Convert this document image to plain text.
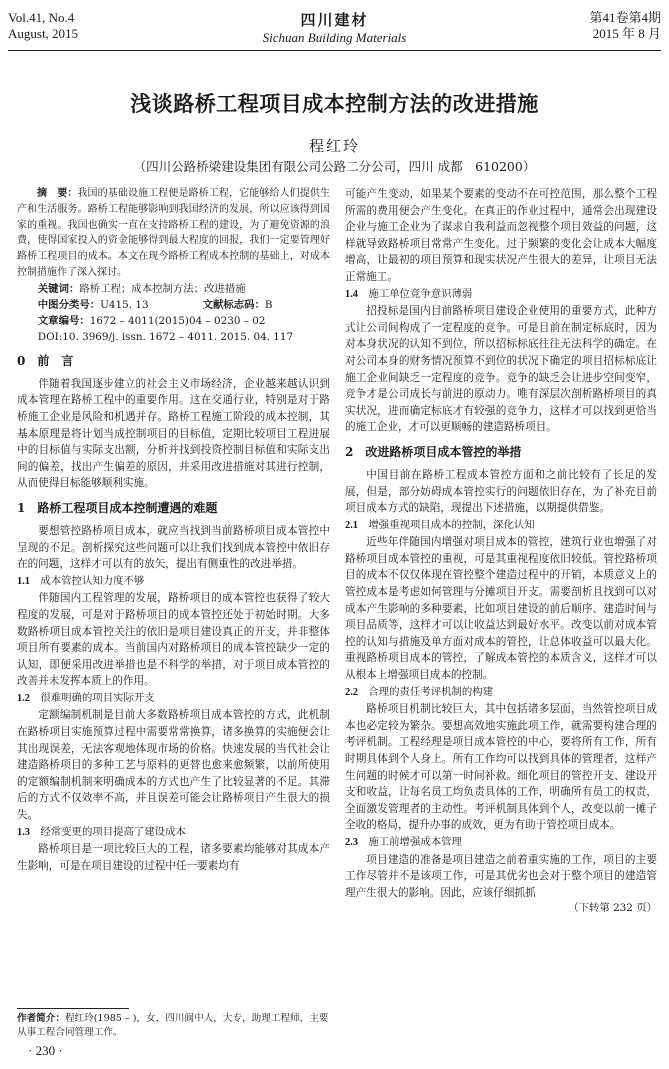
Vol.41, No.4
August, 2015
四川建材
Sichuan Building Materials
第41卷第4期
2015 年 8 月
浅谈路桥工程项目成本控制方法的改进措施
程红玲
（四川公路桥梁建设集团有限公司公路二分公司，四川 成都　610200）

摘　要：我国的基础设施工程便是路桥工程，它能够给人们提供生产和生活服务。路桥工程能够影响到我国经济的发展，所以应该得到国家的重视。我国也确实一直在支持路桥工程的建设，为了避免资源的浪费，使得国家投入的资金能够得到最大程度的回报，我们一定要管理好路桥工程项目的成本。本文在现今路桥工程成本控制的基础上，对成本控制措施作了深入探讨。

关键词：路桥工程；成本控制方法；改进措施

中图分类号：U415. 13	文献标志码：B

文章编号：1672 – 4011(2015)04 – 0230 – 02

DOI:10. 3969/j. issn. 1672 – 4011. 2015. 04. 117

0　前　言

伴随着我国逐步建立的社会主义市场经济，企业越来越认识到成本管理在路桥工程中的重要作用。这在交通行业，特别是对于路桥施工企业是风险和机遇并存。路桥工程施工阶段的成本控制，其基本原理是将计划当成控制项目的目标值，定期比较项目工程进展中的目标值与实际支出额，分析并找到投资控制目标值和实际支出间的偏差，找出产生偏差的原因，并采用改进措施对其进行控制，从而使得目标能够顺利实施。

1　路桥工程项目成本控制遭遇的难题

要想管控路桥项目成本，就应当找到当前路桥项目成本管控中呈现的不足。剖析探究这些问题可以让我们找到成本管控中依旧存在的问题，这样才可以有的放矢，提出有侧重性的改进举措。

1.1　 成本管控认知力度不够

伴随国内工程管理的发展，路桥项目的成本管控也获得了较大程度的发展，可是对于路桥项目的成本管控还处于初始时期。大多数路桥项目成本管控关注的依旧是项目建设真正的开支，并非整体项目所有要素的成本。当前国内对路桥项目的成本管控缺少一定的认知，即便采用改进举措也是不科学的举措，对于项目成本管控的改善并未发挥本质上的作用。

1.2　 很难明确的项目实际开支

定额编制机制是目前大多数路桥项目成本管控的方式，此机制在路桥项目实施预算过程中需要常常换算，诸多换算的实施便会让其出现误差，无法客观地体现市场的价格。快速发展的当代社会让建造路桥项目的多种工艺与原料的更替也愈来愈频繁，以前所使用的定额编制机制来明确成本的方式也产生了比较显著的不足。其滞后的方式不仅效率不高，并且误差可能会让路桥项目产生很大的损失。

1.3　 经常变更的项目提高了建设成本

路桥项目是一项比较巨大的工程，诸多要素均能够对其成本产生影响，可是在项目建设的过程中任一要素均有

可能产生变动，如果某个要素的变动不在可控范围，那么整个工程所需的费用便会产生变化。在真正的作业过程中，通常会出现建设企业与施工企业为了谋求自我利益而忽视整个项目效益的问题，这样就导致路桥项目常常产生变化。过于频繁的变化会让成本大幅度增高，让最初的项目预算和现实状况产生很大的差异，让项目无法正常施工。

1.4　 施工单位竞争意识薄弱

招投标是国内目前路桥项目建设企业使用的重要方式，此种方式让公司间构成了一定程度的竞争。可是目前在制定标底时，因为对本身状况的认知不到位，所以招标标底往往无法科学的确定。在对公司本身的财务情况预算不到位的状况下确定的项目招标标底让施工企业间缺乏一定程度的竞争。竞争的缺乏会让进步空间变窄，竞争才是公司成长与前进的原动力。唯有深层次剖析路桥项目的真实状况，进而确定标底才有较强的竞争力，这样才可以找到更恰当的施工企业，才可以更顺畅的建造路桥项目。

2　改进路桥项目成本管控的举措

中国目前在路桥工程成本管控方面和之前比较有了长足的发展，但是，部分妨碍成本管控实行的问题依旧存在，为了补充目前项目成本方式的缺陷，现提出下述措施，以期提供借鉴。

2.1　 增强重视项目成本的控制，深化认知

近些年伴随国内增强对项目成本的管控，建筑行业也增强了对路桥项目成本管控的重视，可是其重视程度依旧较低。管控路桥项目的成本不仅仅体现在管控整个建造过程中的开销，本质意义上的管控成本是考虑如何管理与分摊项目开支。需要剖析且找到可以对成本产生影响的多种要素，比如项目建设的前后顺序、建造时间与项目品质等，这样才可以让收益达到最好水平。改变以前对成本管控的认知与措施及单方面对成本的管控，让总体收益可以最大化。重视路桥项目成本的管控，了解成本管控的本质含义，这样才可以从根本上增强项目成本的控制。

2.2　 合理的责任考评机制的构建

路桥项目机制比较巨大，其中包括诸多层面，当然管控项目成本也必定较为繁杂。要想高效地实施此项工作，就需要构建合理的考评机制。工程经理是项目成本管控的中心，要将所有工作，所有时期具体到个人身上。所有工作均可以找到具体的管理者，这样产生问题的时候才可以第一时间补救。细化项目的管控开支、建设开支和收益，让每名员工均负责具体的工作，明确所有员工的权责，全面激发管理者的主动性。考评机制具体到个人，改变以前一摊子全收的格局，提升办事的成效，更为有助于管控项目成本。

2.3　 施工前增强成本管理

项目建造的准备是项目建造之前着重实施的工作，项目的主要工作尽管并不是该项工作，可是其优劣也会对于整个项目的建造管理产生很大的影响。因此，应该仔细抓抓

（下转第 232 页）

作者简介：程红玲(1985 – )，女，四川阆中人，大专，助理工程师，主要从事工程合同管理工作。
· 230 ·
